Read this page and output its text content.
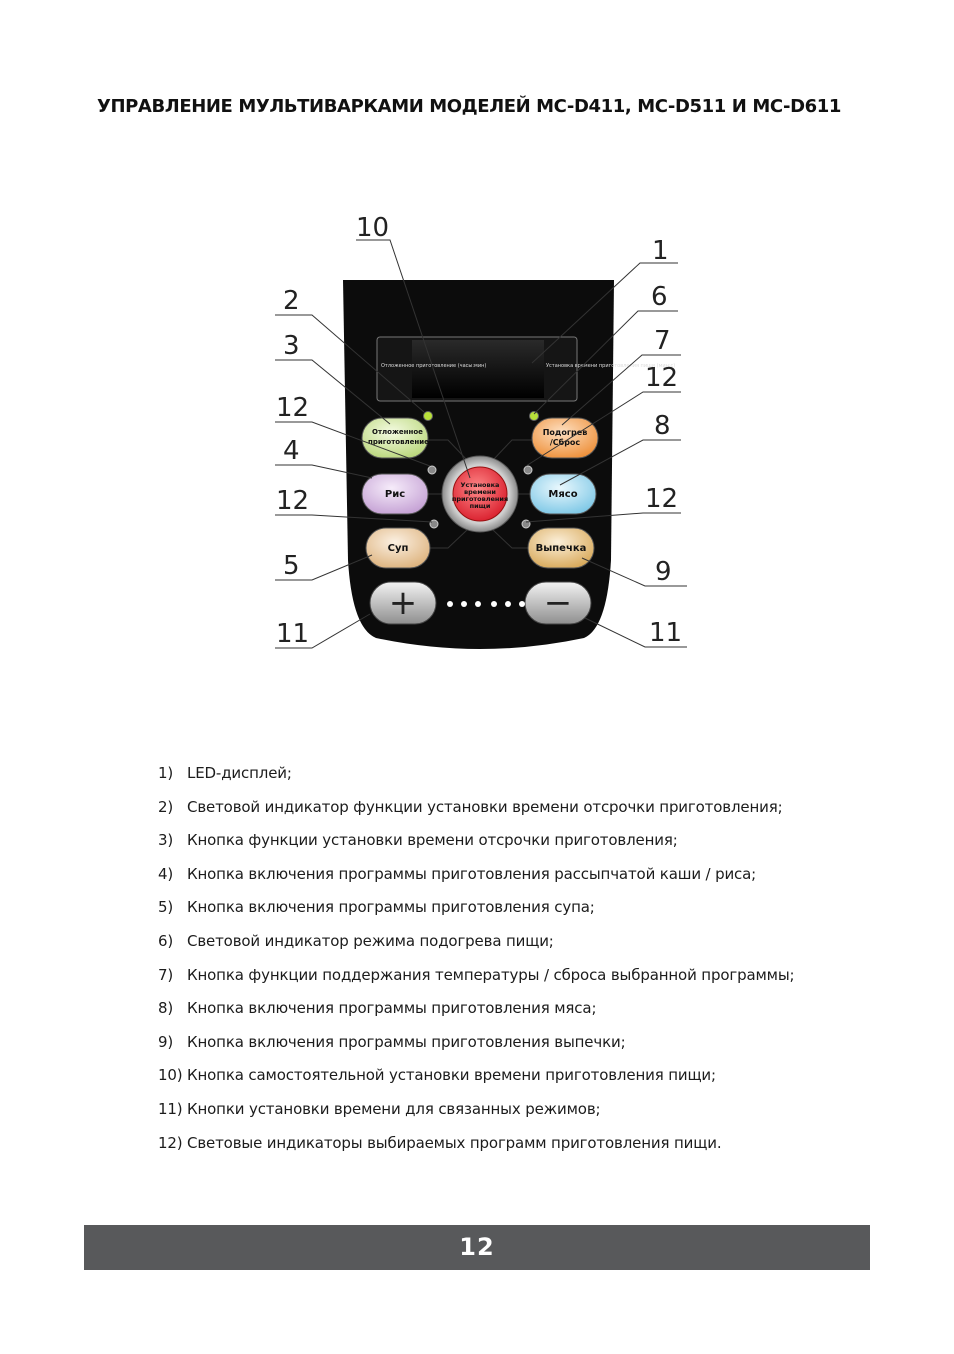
УПРАВЛЕНИЕ МУЛЬТИВАРКАМИ МОДЕЛЕЙ MC-D411, MC-D511 И MC-D611
Отложенное приготовление (часы:мин)	Установка времени приготовления пищи (мин:с)
Отложенное
приготовление
Рис
Суп
Подогрев
/Сброс
Мясо
Выпечка
Установка
времени
приготовления
пищи
+	−
10
1
6
7
12
8
12
9
11
2
3
12
4
12
5
11
1) LED-дисплей;
2) Световой индикатор функции установки времени отсрочки приготовления;
3) Кнопка функции установки времени отсрочки приготовления;
4) Кнопка включения программы приготовления рассыпчатой каши / риса;
5) Кнопка включения программы приготовления супа;
6) Световой индикатор режима подогрева пищи;
7) Кнопка функции поддержания температуры / сброса выбранной программы;
8) Кнопка включения программы приготовления мяса;
9) Кнопка включения программы приготовления выпечки;
10) Кнопка самостоятельной установки времени приготовления пищи;
11) Кнопки установки времени для связанных режимов;
12) Световые индикаторы выбираемых программ приготовления пищи.
12
